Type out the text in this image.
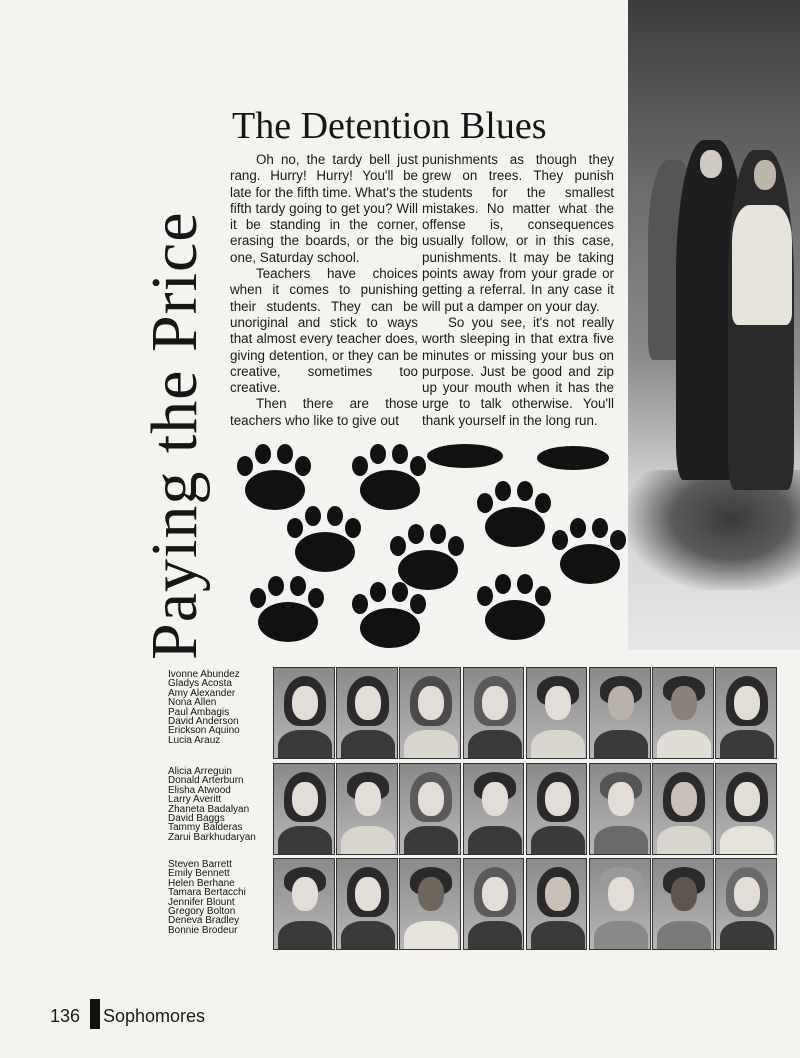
Paying the Price
The Detention Blues

Oh no, the tardy bell just rang. Hurry! Hurry! You'll be late for the fifth time. What's the fifth tardy going to get you? Will it be standing in the corner, erasing the boards, or the big one, Saturday school.

Teachers have choices when it comes to punishing their students. They can be unoriginal and stick to ways that almost every teacher does, giving detention, or they can be creative, sometimes too creative.

Then there are those teachers who like to give out

punishments as though they grew on trees. They punish students for the smallest mistakes. No matter what the offense is, consequences usually follow, or in this case, punishments. It may be taking points away from your grade or getting a referral. In any case it will put a damper on your day.

So you see, it's not really worth sleeping in that extra five minutes or missing your bus on purpose. Just be good and zip up your mouth when it has the urge to talk otherwise. You'll thank yourself in the long run.

Ivonne Abundez
Gladys Acosta
Amy Alexander
Nona Allen
Paul Ambagis
David Anderson
Erickson Aquino
Lucia Arauz
Alicia Arreguin
Donald Arterburn
Elisha Atwood
Larry Averitt
Zhaneta Badalyan
David Baggs
Tammy Balderas
Zarui Barkhudaryan
Steven Barrett
Emily Bennett
Helen Berhane
Tamara Bertacchi
Jennifer Blount
Gregory Bolton
Deneva Bradley
Bonnie Brodeur
136 Sophomores
